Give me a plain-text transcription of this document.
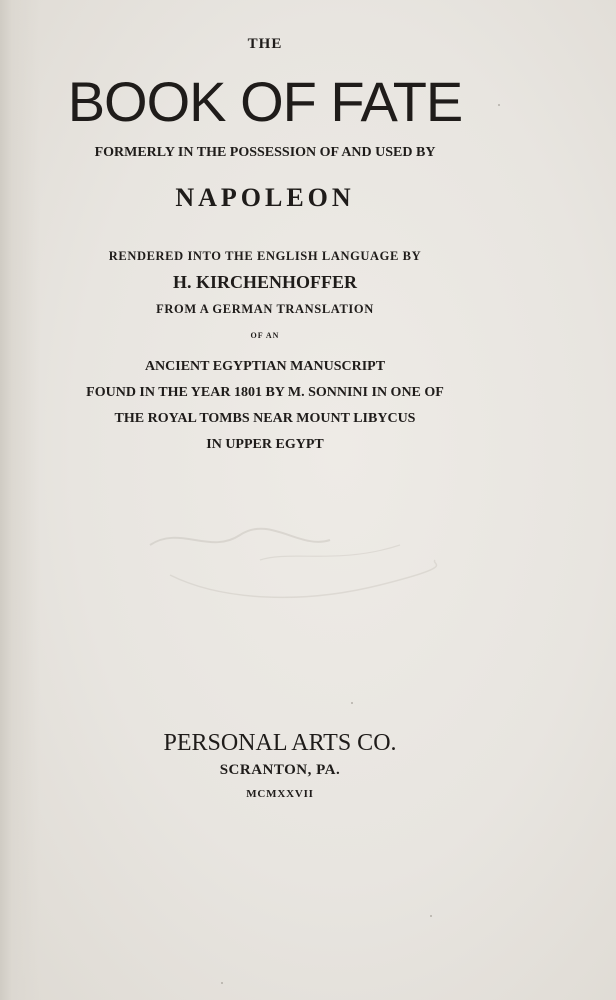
THE

BOOK OF FATE

FORMERLY IN THE POSSESSION OF AND USED BY

NAPOLEON

RENDERED INTO THE ENGLISH LANGUAGE BY

H. KIRCHENHOFFER

FROM A GERMAN TRANSLATION

OF AN

ANCIENT EGYPTIAN MANUSCRIPT

FOUND IN THE YEAR 1801 BY M. SONNINI IN ONE OF

THE ROYAL TOMBS NEAR MOUNT LIBYCUS

IN UPPER EGYPT

PERSONAL ARTS CO.

SCRANTON, PA.

MCMXXVII
